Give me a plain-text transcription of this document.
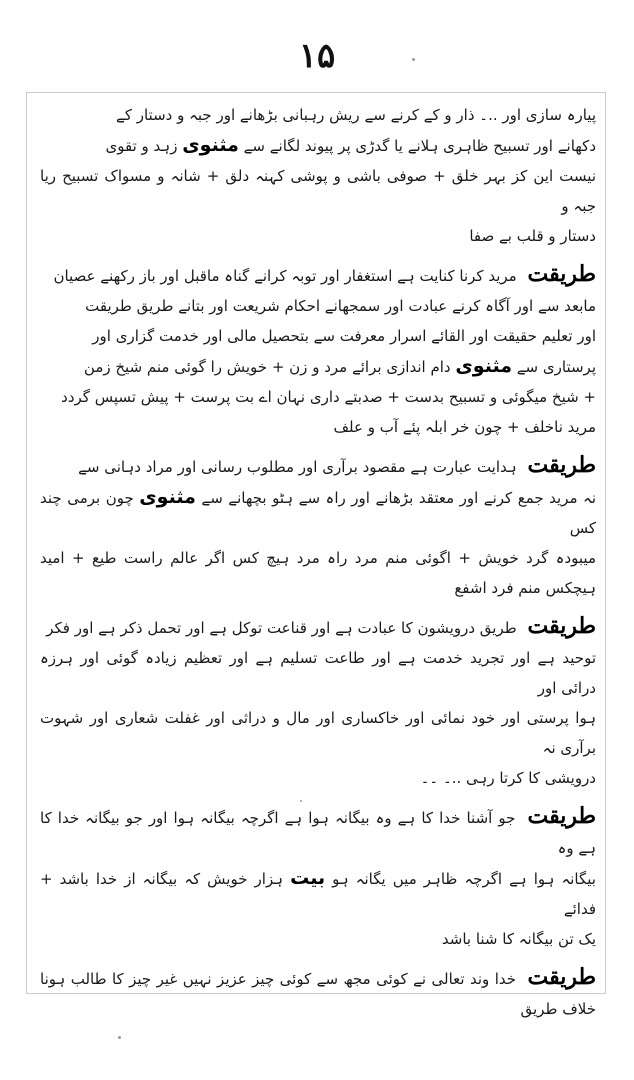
۱۵

پیارہ سازی اور ..۔ ذار و کے کرنے سے ریش رہبانی بڑھانے اور جبہ و دستار کے

دکھانے اور تسبیح ظاہری ہلانے یا گدڑی پر پیوند لگانے سے مثنوی زہد و تقوی

نیست این کز بہر خلق + صوفی باشی و پوشی کہنہ دلق + شانہ و مسواک تسبیح ریا جبہ و

دستار و قلب بے صفا

طریقت مرید کرنا کنایت ہے استغفار اور توبہ کرانے گناہ ماقبل اور باز رکھنے عصیان

مابعد سے اور آگاہ کرنے عبادت اور سمجھانے احکام شریعت اور بتانے طریق طریقت

اور تعلیم حقیقت اور القائے اسرار معرفت سے بتحصیل مالی اور خدمت گزاری اور

پرستاری سے مثنوی دام اندازی برائے مرد و زن + خویش را گوئی منم شیخ زمن

+ شیخ میگوئی و تسبیح بدست + صدبتے داری نہان اے بت پرست + پیش تسپس گردد

مرید ناخلف + چون خر ابلہ پئے آب و علف

طریقت ہدایت عبارت ہے مقصود برآری اور مطلوب رسانی اور مراد دہانی سے

نہ مرید جمع کرنے اور معتقد بڑھانے اور راہ سے ہٹو بچھانے سے مثنوی چون برمی چند کس

میبودہ گرد خویش + اگوئی منم مرد راہ مرد ہیچ کس اگر عالم راست طیع + امید ہیچکس منم فرد اشفع

طریقت طریق درویشون کا عبادت ہے اور قناعت توکل ہے اور تحمل ذکر ہے اور فکر

توحید ہے اور تجرید خدمت ہے اور طاعت تسلیم ہے اور تعظیم زیادہ گوئی اور ہرزہ درائی اور

ہوا پرستی اور خود نمائی اور خاکساری اور مال و دراثی اور غفلت شعاری اور شہوت برآری نہ

درویشی کا کرتا رہی ..۔ ۔۔

طریقت جو آشنا خدا کا ہے وہ بیگانہ ہوا ہے اگرچہ بیگانہ ہوا اور جو بیگانہ خدا کا ہے وہ

بیگانہ ہوا ہے اگرچہ ظاہر میں یگانہ ہو بیت ہزار خویش کہ بیگانہ از خدا باشد + فدائے

یک تن بیگانہ کا شنا باشد

طریقت خدا وند تعالی نے کوئی مجھ سے کوئی چیز عزیز نہیں غیر چیز کا طالب ہونا خلاف طریق
